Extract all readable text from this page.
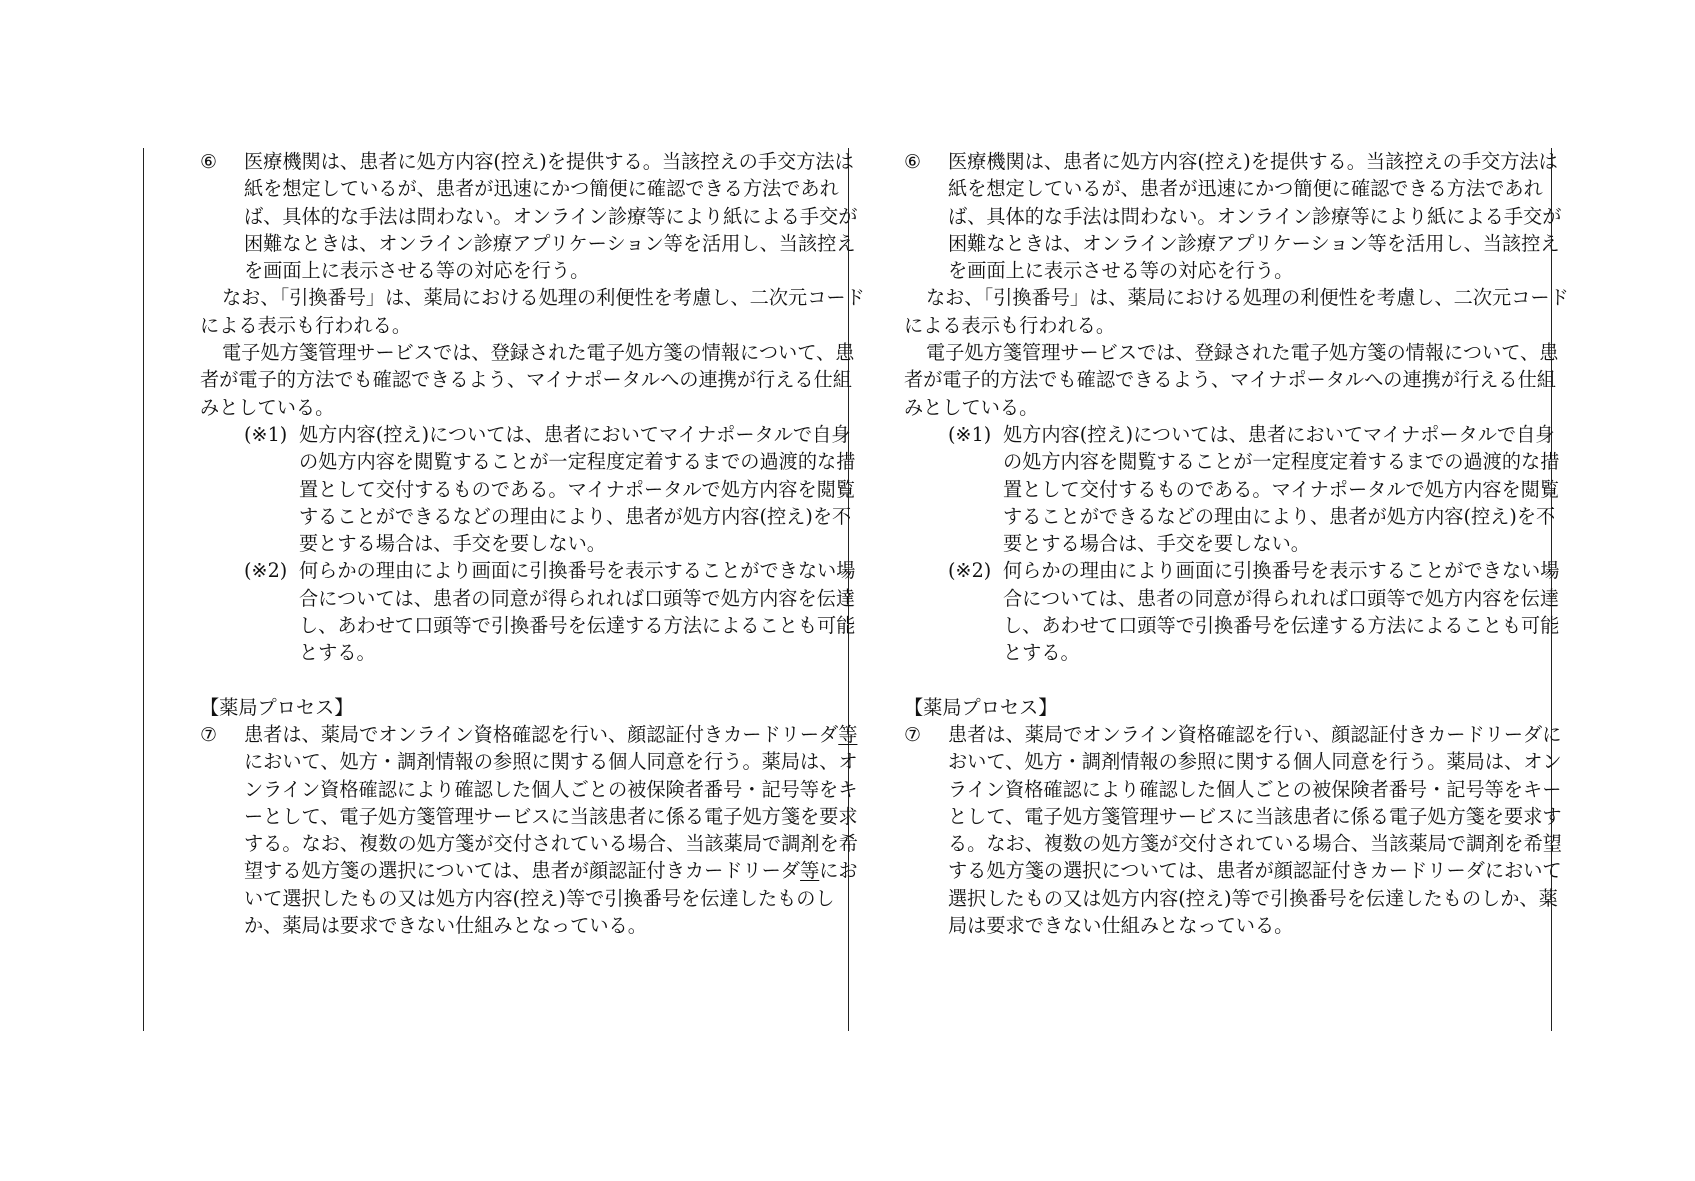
⑥ 医療機関は、患者に処方内容(控え)を提供する。当該控えの手交方法は紙を想定しているが、患者が迅速にかつ簡便に確認できる方法であれば、具体的な手法は問わない。オンライン診療等により紙による手交が困難なときは、オンライン診療アプリケーション等を活用し、当該控えを画面上に表示させる等の対応を行う。

なお、「引換番号」は、薬局における処理の利便性を考慮し、二次元コードによる表示も行われる。

電子処方箋管理サービスでは、登録された電子処方箋の情報について、患者が電子的方法でも確認できるよう、マイナポータルへの連携が行える仕組みとしている。

(※1) 処方内容(控え)については、患者においてマイナポータルで自身の処方内容を閲覧することが一定程度定着するまでの過渡的な措置として交付するものである。マイナポータルで処方内容を閲覧することができるなどの理由により、患者が処方内容(控え)を不要とする場合は、手交を要しない。

(※2) 何らかの理由により画面に引換番号を表示することができない場合については、患者の同意が得られれば口頭等で処方内容を伝達し、あわせて口頭等で引換番号を伝達する方法によることも可能とする。

【薬局プロセス】

⑦ 患者は、薬局でオンライン資格確認を行い、顔認証付きカードリーダ等において、処方・調剤情報の参照に関する個人同意を行う。薬局は、オンライン資格確認により確認した個人ごとの被保険者番号・記号等をキーとして、電子処方箋管理サービスに当該患者に係る電子処方箋を要求する。なお、複数の処方箋が交付されている場合、当該薬局で調剤を希望する処方箋の選択については、患者が顔認証付きカードリーダ等において選択したもの又は処方内容(控え)等で引換番号を伝達したものしか、薬局は要求できない仕組みとなっている。

⑥ 医療機関は、患者に処方内容(控え)を提供する。当該控えの手交方法は紙を想定しているが、患者が迅速にかつ簡便に確認できる方法であれば、具体的な手法は問わない。オンライン診療等により紙による手交が困難なときは、オンライン診療アプリケーション等を活用し、当該控えを画面上に表示させる等の対応を行う。

なお、「引換番号」は、薬局における処理の利便性を考慮し、二次元コードによる表示も行われる。

電子処方箋管理サービスでは、登録された電子処方箋の情報について、患者が電子的方法でも確認できるよう、マイナポータルへの連携が行える仕組みとしている。

(※1) 処方内容(控え)については、患者においてマイナポータルで自身の処方内容を閲覧することが一定程度定着するまでの過渡的な措置として交付するものである。マイナポータルで処方内容を閲覧することができるなどの理由により、患者が処方内容(控え)を不要とする場合は、手交を要しない。

(※2) 何らかの理由により画面に引換番号を表示することができない場合については、患者の同意が得られれば口頭等で処方内容を伝達し、あわせて口頭等で引換番号を伝達する方法によることも可能とする。

【薬局プロセス】

⑦ 患者は、薬局でオンライン資格確認を行い、顔認証付きカードリーダにおいて、処方・調剤情報の参照に関する個人同意を行う。薬局は、オンライン資格確認により確認した個人ごとの被保険者番号・記号等をキーとして、電子処方箋管理サービスに当該患者に係る電子処方箋を要求する。なお、複数の処方箋が交付されている場合、当該薬局で調剤を希望する処方箋の選択については、患者が顔認証付きカードリーダにおいて選択したもの又は処方内容(控え)等で引換番号を伝達したものしか、薬局は要求できない仕組みとなっている。
